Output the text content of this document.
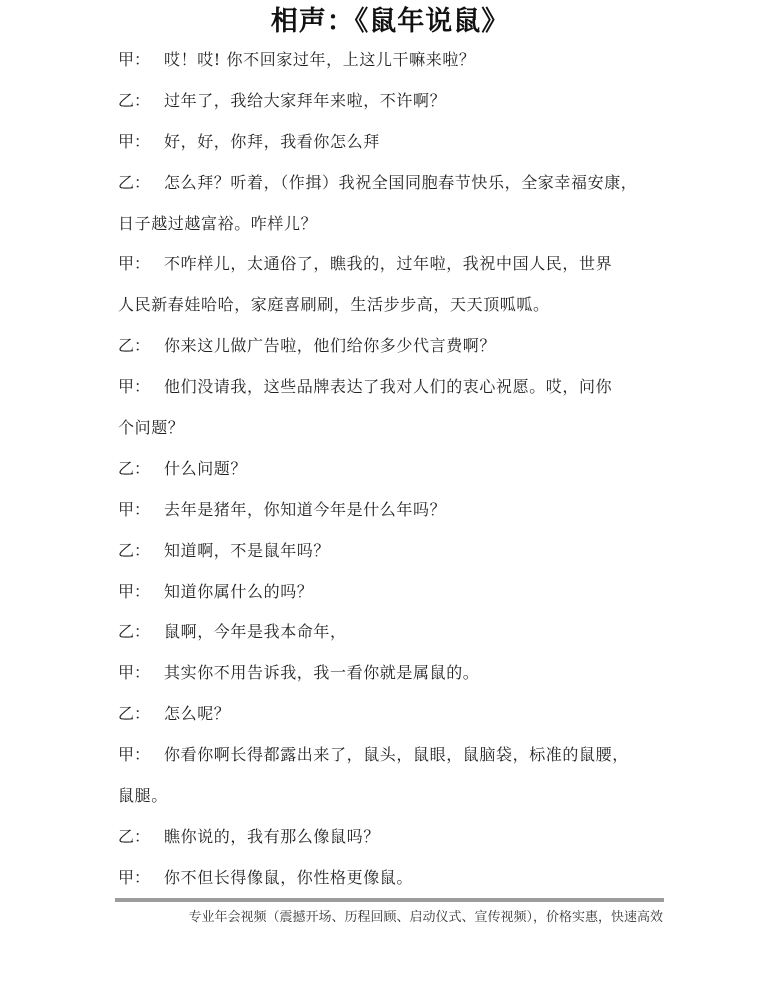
相声：《鼠年说鼠》
甲： 哎！哎! 你不回家过年，上这儿干嘛来啦？
乙： 过年了，我给大家拜年来啦，不许啊？
甲： 好，好，你拜，我看你怎么拜
乙： 怎么拜？听着，（作揖）我祝全国同胞春节快乐，全家幸福安康，
日子越过越富裕。咋样儿？
甲： 不咋样儿，太通俗了，瞧我的，过年啦，我祝中国人民，世界
人民新春娃哈哈，家庭喜刷刷，生活步步高，天天顶呱呱。
乙： 你来这儿做广告啦，他们给你多少代言费啊？
甲： 他们没请我，这些品牌表达了我对人们的衷心祝愿。哎，问你
个问题？
乙： 什么问题？
甲： 去年是猪年，你知道今年是什么年吗？
乙： 知道啊，不是鼠年吗？
甲： 知道你属什么的吗？
乙： 鼠啊，今年是我本命年，
甲： 其实你不用告诉我，我一看你就是属鼠的。
乙： 怎么呢？
甲： 你看你啊长得都露出来了，鼠头，鼠眼，鼠脑袋，标准的鼠腰，
鼠腿。
乙： 瞧你说的，我有那么像鼠吗？
甲： 你不但长得像鼠，你性格更像鼠。
专业年会视频（震撼开场、历程回顾、启动仪式、宣传视频），价格实惠，快速高效
